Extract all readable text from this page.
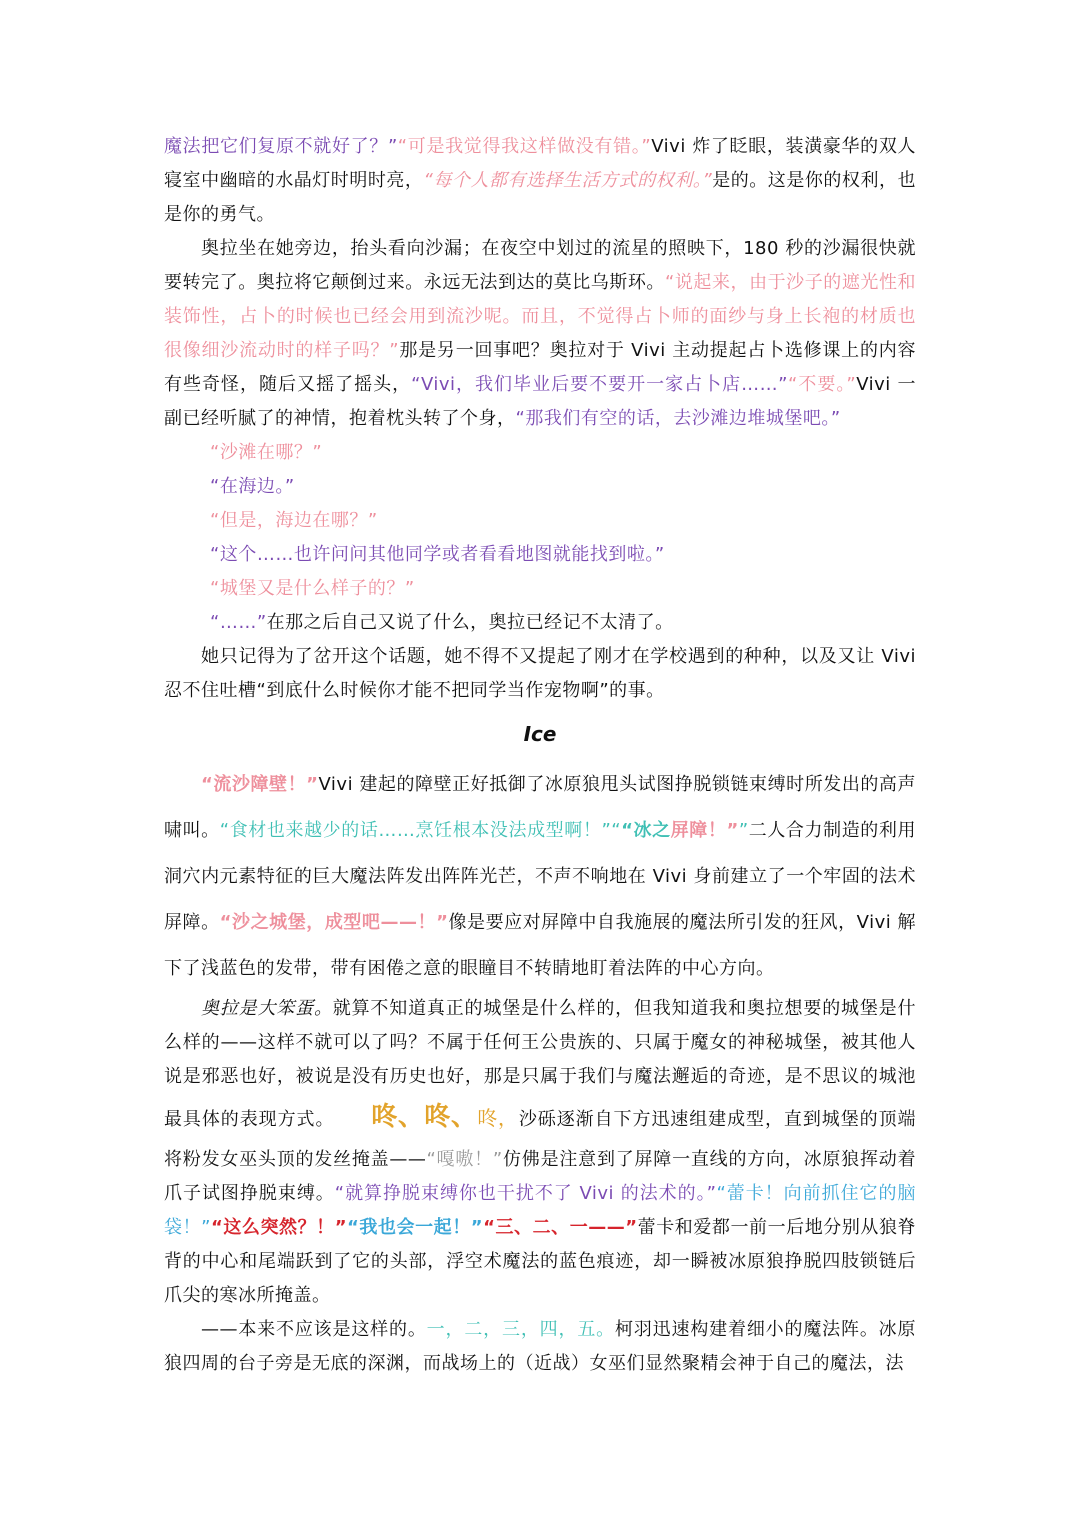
魔法把它们复原不就好了？”“可是我觉得我这样做没有错。”Vivi 炸了眨眼，装潢豪华的双人寝室中幽暗的水晶灯时明时亮，“每个人都有选择生活方式的权利。”是的。这是你的权利，也是你的勇气。

奥拉坐在她旁边，抬头看向沙漏；在夜空中划过的流星的照映下，180 秒的沙漏很快就要转完了。奥拉将它颠倒过来。永远无法到达的莫比乌斯环。“说起来，由于沙子的遮光性和装饰性，占卜的时候也已经会用到流沙呢。而且，不觉得占卜师的面纱与身上长袍的材质也很像细沙流动时的样子吗？”那是另一回事吧？奥拉对于 Vivi 主动提起占卜选修课上的内容有些奇怪，随后又摇了摇头，“Vivi，我们毕业后要不要开一家占卜店……”“不要。”Vivi 一副已经听腻了的神情，抱着枕头转了个身，“那我们有空的话，去沙滩边堆城堡吧。”

“沙滩在哪？”

“在海边。”

“但是，海边在哪？”

“这个……也许问问其他同学或者看看地图就能找到啦。”

“城堡又是什么样子的？”

“……”在那之后自己又说了什么，奥拉已经记不太清了。

她只记得为了岔开这个话题，她不得不又提起了刚才在学校遇到的种种，以及又让 Vivi 忍不住吐槽“到底什么时候你才能不把同学当作宠物啊”的事。

Ice

“流沙障壁！”Vivi 建起的障壁正好抵御了冰原狼甩头试图挣脱锁链束缚时所发出的高声啸叫。“食材也来越少的话……烹饪根本没法成型啊！”““冰之屏障！””二人合力制造的利用洞穴内元素特征的巨大魔法阵发出阵阵光芒，不声不响地在 Vivi 身前建立了一个牢固的法术屏障。“沙之城堡，成型吧——！”像是要应对屏障中自我施展的魔法所引发的狂风，Vivi 解下了浅蓝色的发带，带有困倦之意的眼瞳目不转睛地盯着法阵的中心方向。

奥拉是大笨蛋。就算不知道真正的城堡是什么样的，但我知道我和奥拉想要的城堡是什么样的——这样不就可以了吗？不属于任何王公贵族的、只属于魔女的神秘城堡，被其他人说是邪恶也好，被说是没有历史也好，那是只属于我们与魔法邂逅的奇迹，是不思议的城池最具体的表现方式。 咚、咚、咚，沙砾逐渐自下方迅速组建成型，直到城堡的顶端将粉发女巫头顶的发丝掩盖——“嘎嗷！”仿佛是注意到了屏障一直线的方向，冰原狼挥动着爪子试图挣脱束缚。“就算挣脱束缚你也干扰不了 Vivi 的法术的。”“蕾卡！向前抓住它的脑袋！”“这么突然？！”“我也会一起！”“三、二、一——”蕾卡和爱都一前一后地分别从狼脊背的中心和尾端跃到了它的头部，浮空术魔法的蓝色痕迹，却一瞬被冰原狼挣脱四肢锁链后爪尖的寒冰所掩盖。

——本来不应该是这样的。一，二，三，四，五。柯羽迅速构建着细小的魔法阵。冰原狼四周的台子旁是无底的深渊，而战场上的（近战）女巫们显然聚精会神于自己的魔法，法
